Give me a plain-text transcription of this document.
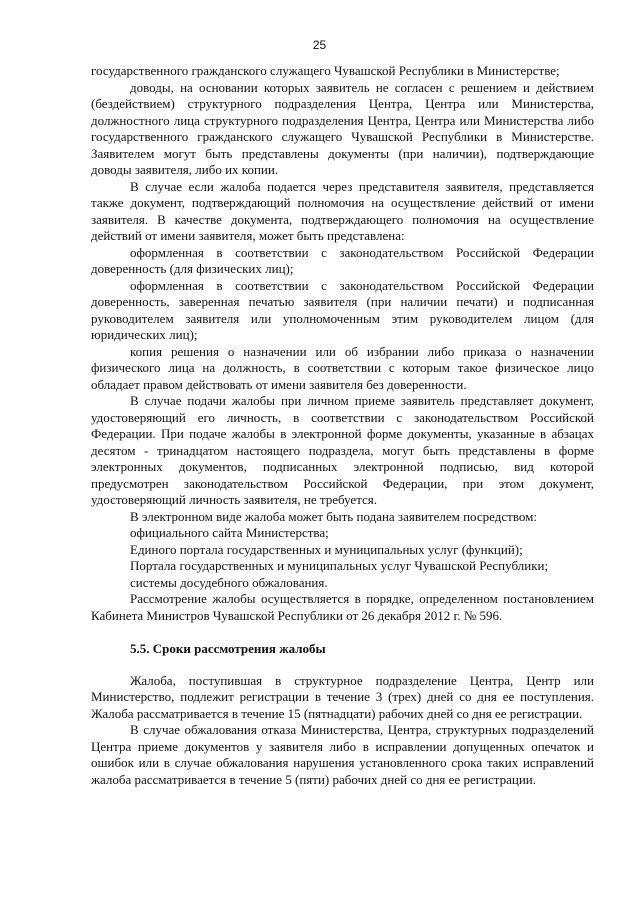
25

государственного гражданского служащего Чувашской Республики в Министерстве;

доводы, на основании которых заявитель не согласен с решением и действием (бездействием) структурного подразделения Центра, Центра или Министерства, должностного лица структурного подразделения Центра, Центра или Министерства либо государственного гражданского служащего Чувашской Республики в Министерстве. Заявителем могут быть представлены документы (при наличии), подтверждающие доводы заявителя, либо их копии.

В случае если жалоба подается через представителя заявителя, представляется также документ, подтверждающий полномочия на осуществление действий от имени заявителя. В качестве документа, подтверждающего полномочия на осуществление действий от имени заявителя, может быть представлена:

оформленная в соответствии с законодательством Российской Федерации доверенность (для физических лиц);

оформленная в соответствии с законодательством Российской Федерации доверенность, заверенная печатью заявителя (при наличии печати) и подписанная руководителем заявителя или уполномоченным этим руководителем лицом (для юридических лиц);

копия решения о назначении или об избрании либо приказа о назначении физического лица на должность, в соответствии с которым такое физическое лицо обладает правом действовать от имени заявителя без доверенности.

В случае подачи жалобы при личном приеме заявитель представляет документ, удостоверяющий его личность, в соответствии с законодательством Российской Федерации. При подаче жалобы в электронной форме документы, указанные в абзацах десятом - тринадцатом настоящего подраздела, могут быть представлены в форме электронных документов, подписанных электронной подписью, вид которой предусмотрен законодательством Российской Федерации, при этом документ, удостоверяющий личность заявителя, не требуется.

В электронном виде жалоба может быть подана заявителем посредством:

официального сайта Министерства;

Единого портала государственных и муниципальных услуг (функций);

Портала государственных и муниципальных услуг Чувашской Республики;

системы досудебного обжалования.

Рассмотрение жалобы осуществляется в порядке, определенном постановлением Кабинета Министров Чувашской Республики от 26 декабря 2012 г. № 596.

5.5. Сроки рассмотрения жалобы

Жалоба, поступившая в структурное подразделение Центра, Центр или Министерство, подлежит регистрации в течение 3 (трех) дней со дня ее поступления. Жалоба рассматривается в течение 15 (пятнадцати) рабочих дней со дня ее регистрации.

В случае обжалования отказа Министерства, Центра, структурных подразделений Центра приеме документов у заявителя либо в исправлении допущенных опечаток и ошибок или в случае обжалования нарушения установленного срока таких исправлений жалоба рассматривается в течение 5 (пяти) рабочих дней со дня ее регистрации.
